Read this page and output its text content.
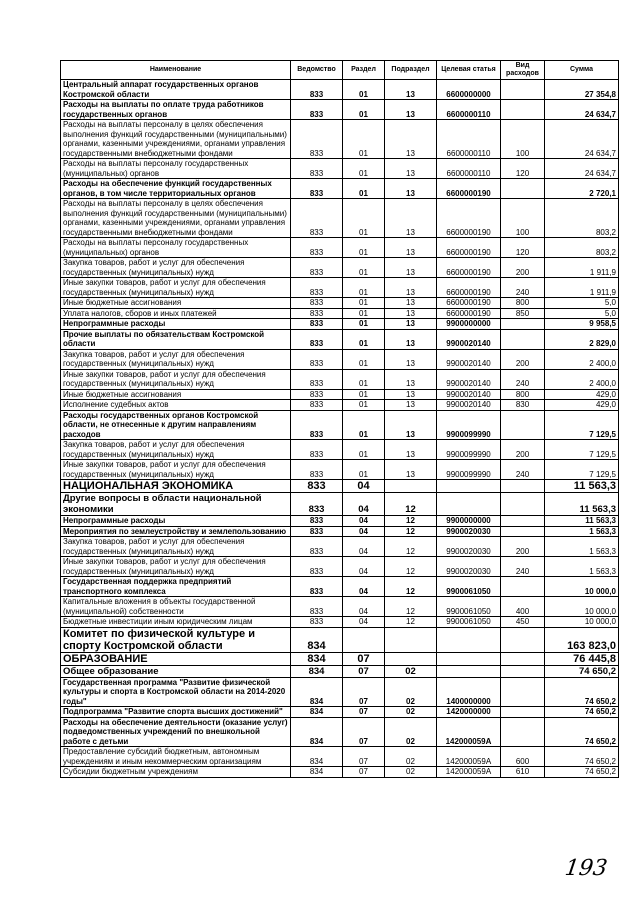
Наименование	Ведомство	Раздел	Подраздел	Целевая статья	Вид расходов	Сумма
Центральный аппарат государственных органов Костромской области	833	01	13	6600000000		27 354,8
Расходы на выплаты по оплате труда работников государственных органов	833	01	13	6600000110		24 634,7
Расходы на выплаты персоналу в целях обеспечения выполнения функций государственными (муниципальными) органами, казенными учреждениями, органами управления государственными внебюджетными фондами	833	01	13	6600000110	100	24 634,7
Расходы на выплаты персоналу государственных (муниципальных) органов	833	01	13	6600000110	120	24 634,7
Расходы на обеспечение функций государственных органов, в том числе территориальных органов	833	01	13	6600000190		2 720,1
Расходы на выплаты персоналу в целях обеспечения выполнения функций государственными (муниципальными) органами, казенными учреждениями, органами управления государственными внебюджетными фондами	833	01	13	6600000190	100	803,2
Расходы на выплаты персоналу государственных (муниципальных) органов	833	01	13	6600000190	120	803,2
Закупка товаров, работ и услуг для обеспечения государственных (муниципальных) нужд	833	01	13	6600000190	200	1 911,9
Иные закупки товаров, работ и услуг для обеспечения государственных (муниципальных) нужд	833	01	13	6600000190	240	1 911,9
Иные бюджетные ассигнования	833	01	13	6600000190	800	5,0
Уплата налогов, сборов и иных платежей	833	01	13	6600000190	850	5,0
Непрограммные расходы	833	01	13	9900000000		9 958,5
Прочие выплаты по обязательствам Костромской области	833	01	13	9900020140		2 829,0
Закупка товаров, работ и услуг для обеспечения государственных (муниципальных) нужд	833	01	13	9900020140	200	2 400,0
Иные закупки товаров, работ и услуг для обеспечения государственных (муниципальных) нужд	833	01	13	9900020140	240	2 400,0
Иные бюджетные ассигнования	833	01	13	9900020140	800	429,0
Исполнение судебных актов	833	01	13	9900020140	830	429,0
Расходы государственных органов Костромской области, не отнесенные к другим направлениям расходов	833	01	13	9900099990		7 129,5
Закупка товаров, работ и услуг для обеспечения государственных (муниципальных) нужд	833	01	13	9900099990	200	7 129,5
Иные закупки товаров, работ и услуг для обеспечения государственных (муниципальных) нужд	833	01	13	9900099990	240	7 129,5
НАЦИОНАЛЬНАЯ ЭКОНОМИКА	833	04				11 563,3
Другие вопросы в области национальной экономики	833	04	12			11 563,3
Непрограммные расходы	833	04	12	9900000000		11 563,3
Мероприятия по землеустройству и землепользованию	833	04	12	9900020030		1 563,3
Закупка товаров, работ и услуг для обеспечения государственных (муниципальных) нужд	833	04	12	9900020030	200	1 563,3
Иные закупки товаров, работ и услуг для обеспечения государственных (муниципальных) нужд	833	04	12	9900020030	240	1 563,3
Государственная поддержка предприятий транспортного комплекса	833	04	12	9900061050		10 000,0
Капитальные вложения в объекты государственной (муниципальной) собственности	833	04	12	9900061050	400	10 000,0
Бюджетные инвестиции иным юридическим лицам	833	04	12	9900061050	450	10 000,0
Комитет по физической культуре и спорту Костромской области	834					163 823,0
ОБРАЗОВАНИЕ	834	07				76 445,8
Общее образование	834	07	02			74 650,2
Государственная программа "Развитие физической культуры и спорта в Костромской области на 2014-2020 годы"	834	07	02	1400000000		74 650,2
Подпрограмма "Развитие спорта высших достижений"	834	07	02	1420000000		74 650,2
Расходы на обеспечение деятельности (оказание услуг) подведомственных учреждений по внешкольной работе с детьми	834	07	02	142000059А		74 650,2
Предоставление субсидий бюджетным, автономным учреждениям и иным некоммерческим организациям	834	07	02	142000059А	600	74 650,2
Субсидии бюджетным учреждениям	834	07	02	142000059А	610	74 650,2
193
